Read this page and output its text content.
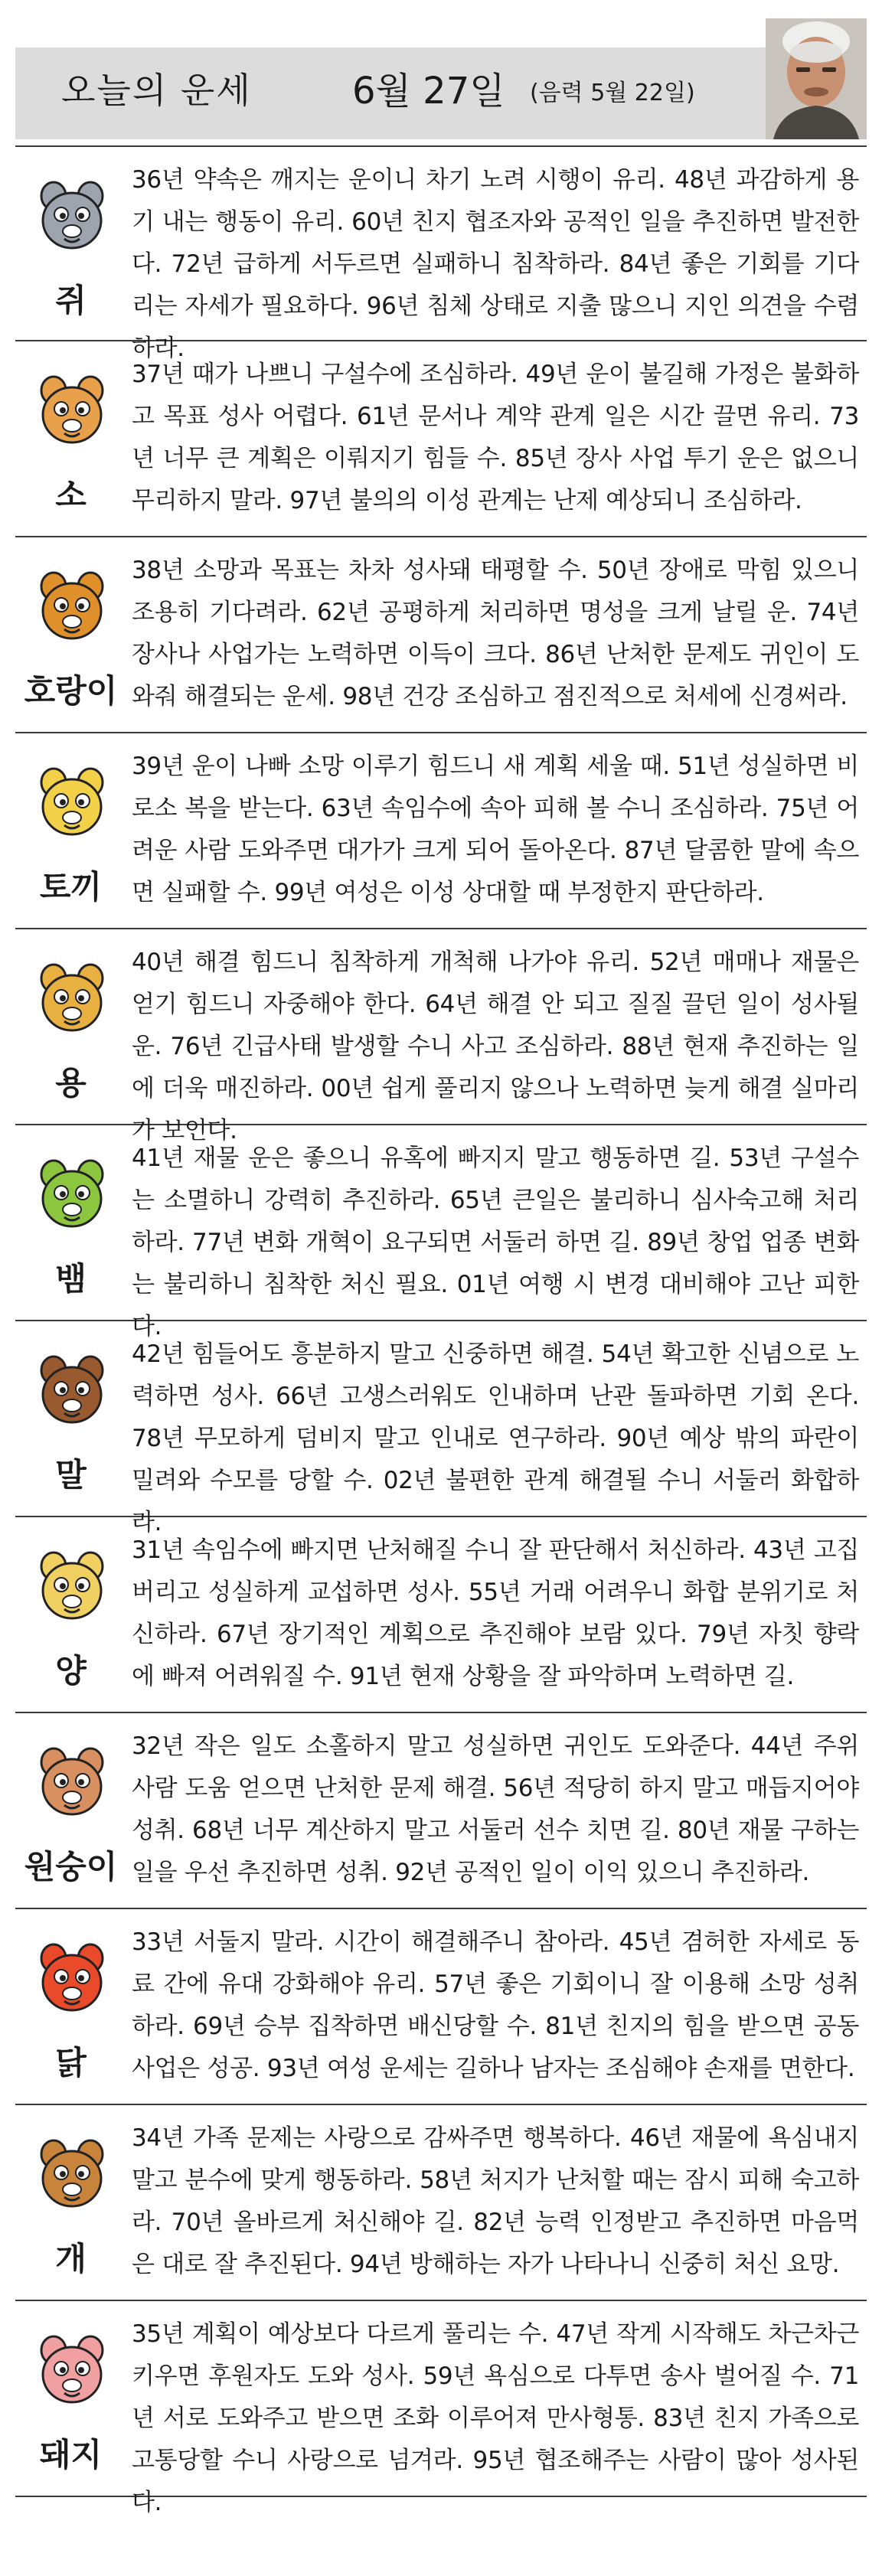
오늘의 운세	6월 27일 (음력 5월 22일)
쥐
36년 약속은 깨지는 운이니 차기 노려 시행이 유리. 48년 과감하게 용기 내는 행동이 유리. 60년 친지 협조자와 공적인 일을 추진하면 발전한다. 72년 급하게 서두르면 실패하니 침착하라. 84년 좋은 기회를 기다리는 자세가 필요하다. 96년 침체 상태로 지출 많으니 지인 의견을 수렴하라.
소
37년 때가 나쁘니 구설수에 조심하라. 49년 운이 불길해 가정은 불화하고 목표 성사 어렵다. 61년 문서나 계약 관계 일은 시간 끌면 유리. 73년 너무 큰 계획은 이뤄지기 힘들 수. 85년 장사 사업 투기 운은 없으니 무리하지 말라. 97년 불의의 이성 관계는 난제 예상되니 조심하라.
호랑이
38년 소망과 목표는 차차 성사돼 태평할 수. 50년 장애로 막힘 있으니 조용히 기다려라. 62년 공평하게 처리하면 명성을 크게 날릴 운. 74년 장사나 사업가는 노력하면 이득이 크다. 86년 난처한 문제도 귀인이 도와줘 해결되는 운세. 98년 건강 조심하고 점진적으로 처세에 신경써라.
토끼
39년 운이 나빠 소망 이루기 힘드니 새 계획 세울 때. 51년 성실하면 비로소 복을 받는다. 63년 속임수에 속아 피해 볼 수니 조심하라. 75년 어려운 사람 도와주면 대가가 크게 되어 돌아온다. 87년 달콤한 말에 속으면 실패할 수. 99년 여성은 이성 상대할 때 부정한지 판단하라.
용
40년 해결 힘드니 침착하게 개척해 나가야 유리. 52년 매매나 재물은 얻기 힘드니 자중해야 한다. 64년 해결 안 되고 질질 끌던 일이 성사될 운. 76년 긴급사태 발생할 수니 사고 조심하라. 88년 현재 추진하는 일에 더욱 매진하라. 00년 쉽게 풀리지 않으나 노력하면 늦게 해결 실마리가 보인다.
뱀
41년 재물 운은 좋으니 유혹에 빠지지 말고 행동하면 길. 53년 구설수는 소멸하니 강력히 추진하라. 65년 큰일은 불리하니 심사숙고해 처리하라. 77년 변화 개혁이 요구되면 서둘러 하면 길. 89년 창업 업종 변화는 불리하니 침착한 처신 필요. 01년 여행 시 변경 대비해야 고난 피한다.
말
42년 힘들어도 흥분하지 말고 신중하면 해결. 54년 확고한 신념으로 노력하면 성사. 66년 고생스러워도 인내하며 난관 돌파하면 기회 온다. 78년 무모하게 덤비지 말고 인내로 연구하라. 90년 예상 밖의 파란이 밀려와 수모를 당할 수. 02년 불편한 관계 해결될 수니 서둘러 화합하라.
양
31년 속임수에 빠지면 난처해질 수니 잘 판단해서 처신하라. 43년 고집 버리고 성실하게 교섭하면 성사. 55년 거래 어려우니 화합 분위기로 처신하라. 67년 장기적인 계획으로 추진해야 보람 있다. 79년 자칫 향락에 빠져 어려워질 수. 91년 현재 상황을 잘 파악하며 노력하면 길.
원숭이
32년 작은 일도 소홀하지 말고 성실하면 귀인도 도와준다. 44년 주위 사람 도움 얻으면 난처한 문제 해결. 56년 적당히 하지 말고 매듭지어야 성취. 68년 너무 계산하지 말고 서둘러 선수 치면 길. 80년 재물 구하는 일을 우선 추진하면 성취. 92년 공적인 일이 이익 있으니 추진하라.
닭
33년 서둘지 말라. 시간이 해결해주니 참아라. 45년 겸허한 자세로 동료 간에 유대 강화해야 유리. 57년 좋은 기회이니 잘 이용해 소망 성취하라. 69년 승부 집착하면 배신당할 수. 81년 친지의 힘을 받으면 공동 사업은 성공. 93년 여성 운세는 길하나 남자는 조심해야 손재를 면한다.
개
34년 가족 문제는 사랑으로 감싸주면 행복하다. 46년 재물에 욕심내지 말고 분수에 맞게 행동하라. 58년 처지가 난처할 때는 잠시 피해 숙고하라. 70년 올바르게 처신해야 길. 82년 능력 인정받고 추진하면 마음먹은 대로 잘 추진된다. 94년 방해하는 자가 나타나니 신중히 처신 요망.
돼지
35년 계획이 예상보다 다르게 풀리는 수. 47년 작게 시작해도 차근차근 키우면 후원자도 도와 성사. 59년 욕심으로 다투면 송사 벌어질 수. 71년 서로 도와주고 받으면 조화 이루어져 만사형통. 83년 친지 가족으로 고통당할 수니 사랑으로 넘겨라. 95년 협조해주는 사람이 많아 성사된다.
